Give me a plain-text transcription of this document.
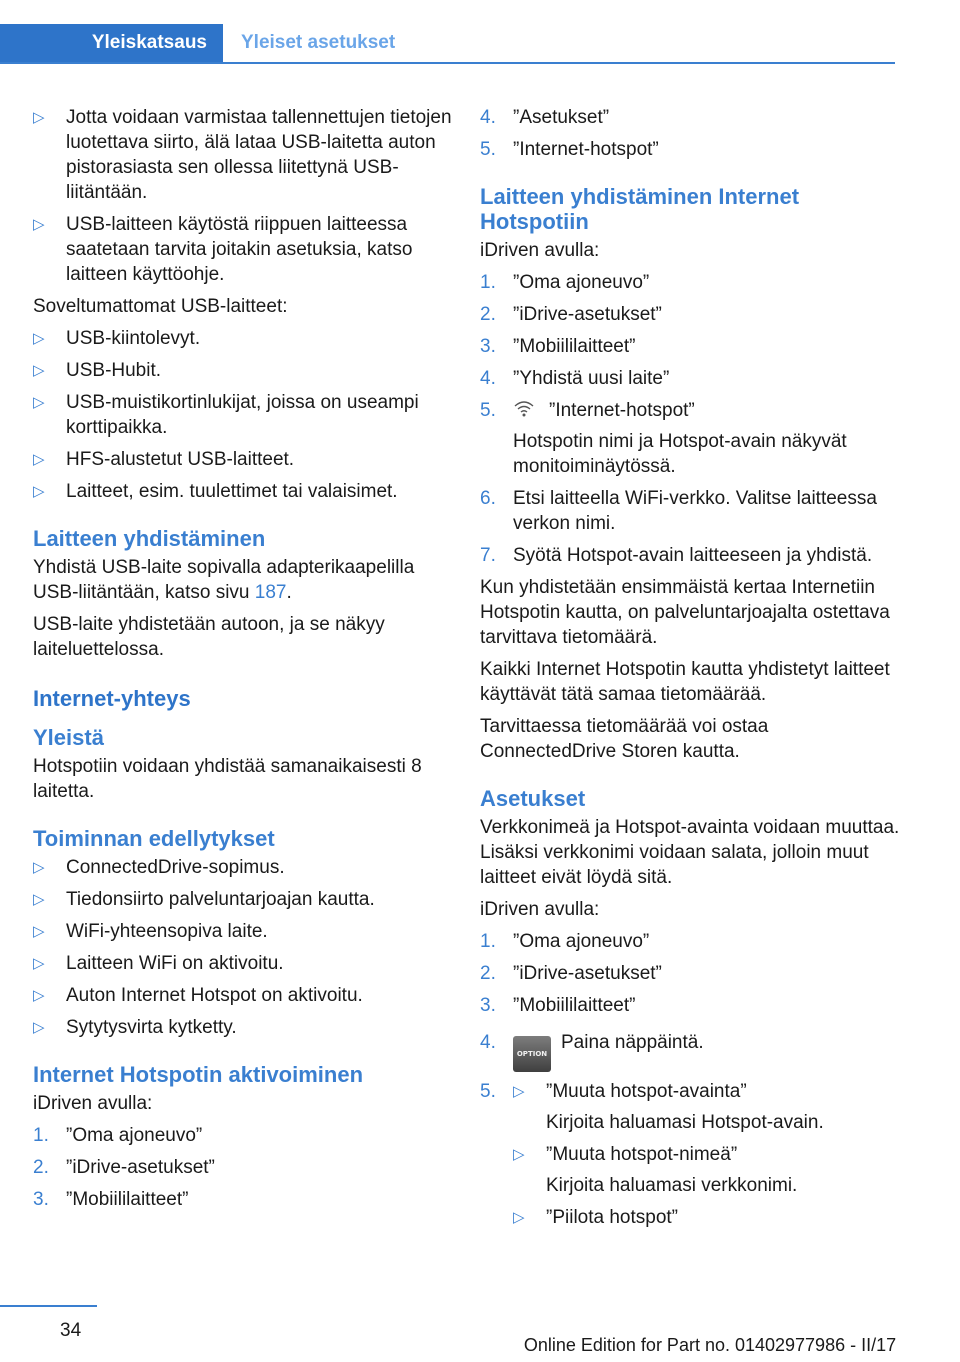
Yleiskatsaus	Yleiset asetukset
▷ Jotta voidaan varmistaa tallennettujen tietojen luotettava siirto, älä lataa USB-laitetta auton pistorasiasta sen ollessa liitettynä USB-liitäntään.
▷ USB-laitteen käytöstä riippuen laitteessa saatetaan tarvita joitakin asetuksia, katso laitteen käyttöohje.
Soveltumattomat USB-laitteet:
▷ USB-kiintolevyt.
▷ USB-Hubit.
▷ USB-muistikortinlukijat, joissa on useampi korttipaikka.
▷ HFS-alustetut USB-laitteet.
▷ Laitteet, esim. tuulettimet tai valaisimet.
Laitteen yhdistäminen
Yhdistä USB-laite sopivalla adapterikaapelilla USB-liitäntään, katso sivu 187.
USB-laite yhdistetään autoon, ja se näkyy laiteluettelossa.
Internet-yhteys
Yleistä
Hotspotiin voidaan yhdistää samanaikaisesti 8 laitetta.
Toiminnan edellytykset
▷ ConnectedDrive-sopimus.
▷ Tiedonsiirto palveluntarjoajan kautta.
▷ WiFi-yhteensopiva laite.
▷ Laitteen WiFi on aktivoitu.
▷ Auton Internet Hotspot on aktivoitu.
▷ Sytytysvirta kytketty.
Internet Hotspotin aktivoiminen
iDriven avulla:
1. ”Oma ajoneuvo”
2. ”iDrive-asetukset”
3. ”Mobiililaitteet”
4. ”Asetukset”
5. ”Internet-hotspot”
Laitteen yhdistäminen Internet Hotspotiin
iDriven avulla:
1. ”Oma ajoneuvo”
2. ”iDrive-asetukset”
3. ”Mobiililaitteet”
4. ”Yhdistä uusi laite”
5.	”Internet-hotspot”
Hotspotin nimi ja Hotspot-avain näkyvät monitoiminäytössä.
6. Etsi laitteella WiFi-verkko. Valitse laitteessa verkon nimi.
7. Syötä Hotspot-avain laitteeseen ja yhdistä.
Kun yhdistetään ensimmäistä kertaa Internetiin Hotspotin kautta, on palveluntarjoajalta ostettava tarvittava tietomäärä.
Kaikki Internet Hotspotin kautta yhdistetyt laitteet käyttävät tätä samaa tietomäärää.
Tarvittaessa tietomäärää voi ostaa ConnectedDrive Storen kautta.
Asetukset
Verkkonimeä ja Hotspot-avainta voidaan muuttaa. Lisäksi verkkonimi voidaan salata, jolloin muut laitteet eivät löydä sitä.
iDriven avulla:
1. ”Oma ajoneuvo”
2. ”iDrive-asetukset”
3. ”Mobiililaitteet”
4.
OPTIONPaina näppäintä.
5. ▷ ”Muuta hotspot-avainta”
Kirjoita haluamasi Hotspot-avain.
▷ ”Muuta hotspot-nimeä”
Kirjoita haluamasi verkkonimi.
▷ ”Piilota hotspot”
34
Online Edition for Part no. 01402977986 - II/17
